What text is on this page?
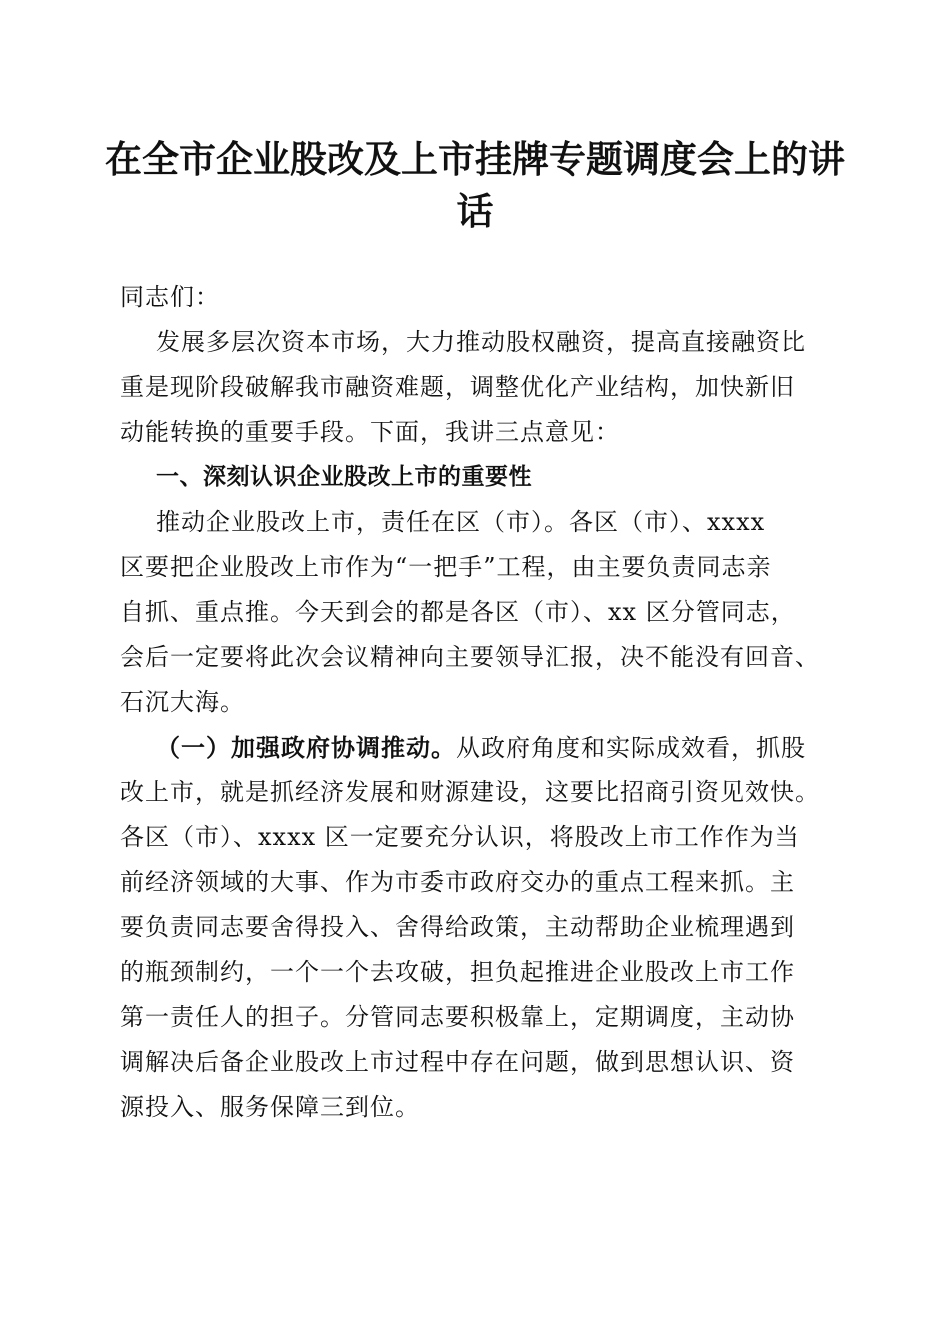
在全市企业股改及上市挂牌专题调度会上的讲
话
同志们：
发展多层次资本市场，大力推动股权融资，提高直接融资比
重是现阶段破解我市融资难题，调整优化产业结构，加快新旧
动能转换的重要手段。下面，我讲三点意见：
一、深刻认识企业股改上市的重要性
推动企业股改上市，责任在区（市）。各区（市）、xxxx
区要把企业股改上市作为“一把手”工程，由主要负责同志亲
自抓、重点推。今天到会的都是各区（市）、xx 区分管同志，
会后一定要将此次会议精神向主要领导汇报，决不能没有回音、
石沉大海。
（一）加强政府协调推动。从政府角度和实际成效看，抓股
改上市，就是抓经济发展和财源建设，这要比招商引资见效快。
各区（市）、xxxx 区一定要充分认识，将股改上市工作作为当
前经济领域的大事、作为市委市政府交办的重点工程来抓。主
要负责同志要舍得投入、舍得给政策，主动帮助企业梳理遇到
的瓶颈制约，一个一个去攻破，担负起推进企业股改上市工作
第一责任人的担子。分管同志要积极靠上，定期调度，主动协
调解决后备企业股改上市过程中存在问题，做到思想认识、资
源投入、服务保障三到位。
